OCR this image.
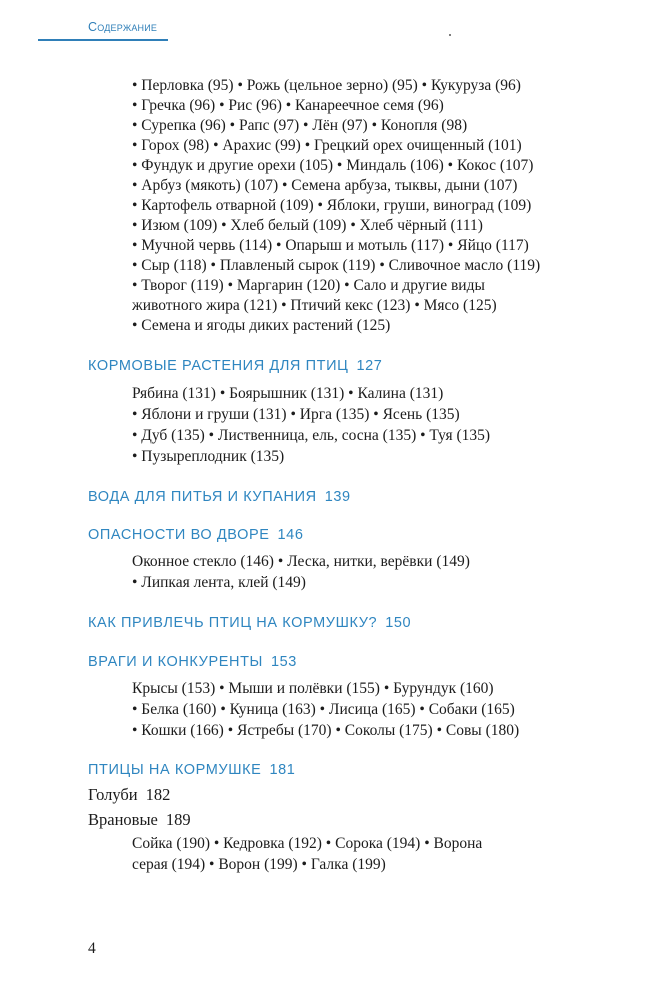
Содержание
• Перловка (95) • Рожь (цельное зерно) (95) • Кукуруза (96)
• Гречка (96) • Рис (96) • Канареечное семя (96)
• Сурепка (96) • Рапс (97) • Лён (97) • Конопля (98)
• Горох (98) • Арахис (99) • Грецкий орех очищенный (101)
• Фундук и другие орехи (105) • Миндаль (106) • Кокос (107)
• Арбуз (мякоть) (107) • Семена арбуза, тыквы, дыни (107)
• Картофель отварной (109) • Яблоки, груши, виноград (109)
• Изюм (109) • Хлеб белый (109) • Хлеб чёрный (111)
• Мучной червь (114) • Опарыш и мотыль (117) • Яйцо (117)
• Сыр (118) • Плавленый сырок (119) • Сливочное масло (119)
• Творог (119) • Маргарин (120) • Сало и другие виды
животного жира (121) • Птичий кекс (123) • Мясо (125)
• Семена и ягоды диких растений (125)
КОРМОВЫЕ РАСТЕНИЯ ДЛЯ ПТИЦ 127
Рябина (131) • Боярышник (131) • Калина (131)
• Яблони и груши (131) • Ирга (135) • Ясень (135)
• Дуб (135) • Лиственница, ель, сосна (135) • Туя (135)
• Пузыреплодник (135)
ВОДА ДЛЯ ПИТЬЯ И КУПАНИЯ 139
ОПАСНОСТИ ВО ДВОРЕ 146
Оконное стекло (146) • Леска, нитки, верёвки (149)
• Липкая лента, клей (149)
КАК ПРИВЛЕЧЬ ПТИЦ НА КОРМУШКУ? 150
ВРАГИ И КОНКУРЕНТЫ 153
Крысы (153) • Мыши и полёвки (155) • Бурундук (160)
• Белка (160) • Куница (163) • Лисица (165) • Собаки (165)
• Кошки (166) • Ястребы (170) • Соколы (175) • Совы (180)
ПТИЦЫ НА КОРМУШКЕ 181
Голуби 182
Врановые 189
Сойка (190) • Кедровка (192) • Сорока (194) • Ворона
серая (194) • Ворон (199) • Галка (199)
4
